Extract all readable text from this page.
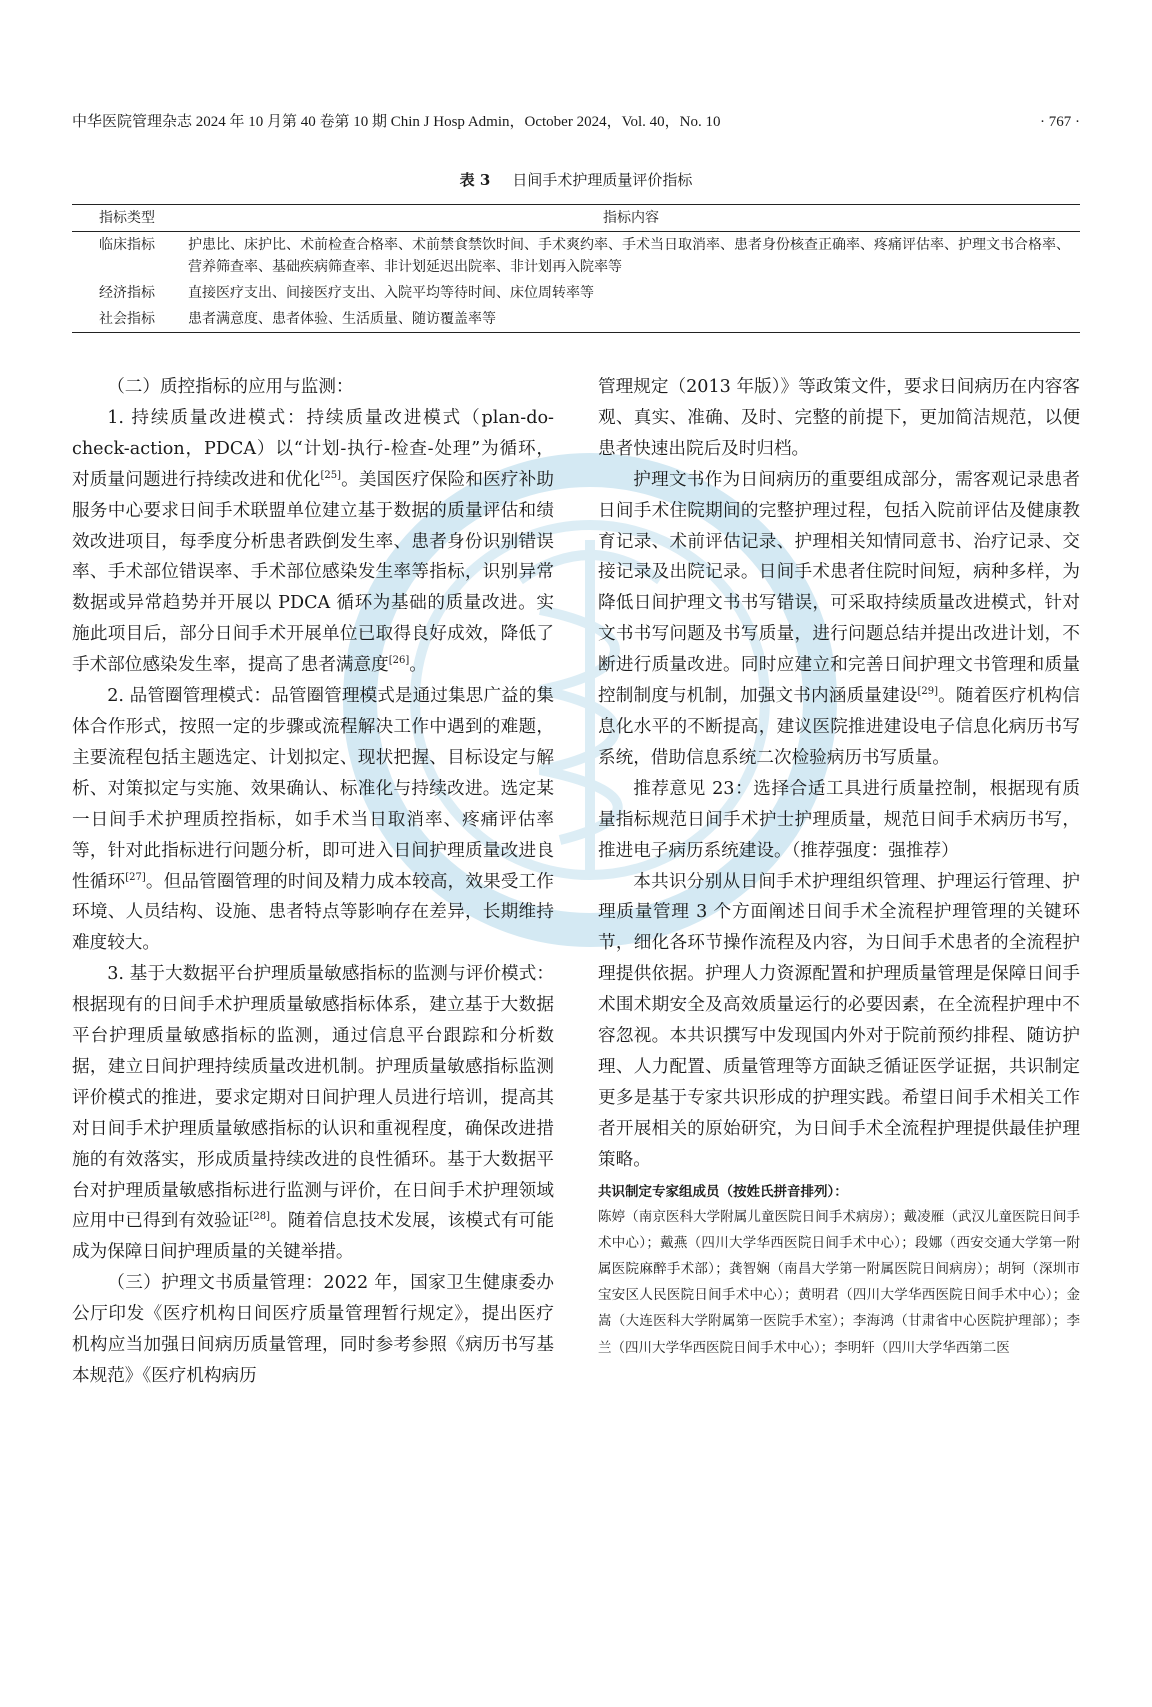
中华医院管理杂志 2024 年 10 月第 40 卷第 10 期 Chin J Hosp Admin，October 2024，Vol. 40，No. 10	· 767 ·
表 3 日间手术护理质量评价指标
指标类型	指标内容
临床指标	护患比、床护比、术前检查合格率、术前禁食禁饮时间、手术爽约率、手术当日取消率、患者身份核查正确率、疼痛评估率、护理文书合格率、营养筛查率、基础疾病筛查率、非计划延迟出院率、非计划再入院率等
经济指标	直接医疗支出、间接医疗支出、入院平均等待时间、床位周转率等
社会指标	患者满意度、患者体验、生活质量、随访覆盖率等

（二）质控指标的应用与监测：

1. 持续质量改进模式：持续质量改进模式（plan-do-check-action，PDCA）以“计划-执行-检查-处理”为循环，对质量问题进行持续改进和优化[25]。美国医疗保险和医疗补助服务中心要求日间手术联盟单位建立基于数据的质量评估和绩效改进项目，每季度分析患者跌倒发生率、患者身份识别错误率、手术部位错误率、手术部位感染发生率等指标，识别异常数据或异常趋势并开展以 PDCA 循环为基础的质量改进。实施此项目后，部分日间手术开展单位已取得良好成效，降低了手术部位感染发生率，提高了患者满意度[26]。

2. 品管圈管理模式：品管圈管理模式是通过集思广益的集体合作形式，按照一定的步骤或流程解决工作中遇到的难题，主要流程包括主题选定、计划拟定、现状把握、目标设定与解析、对策拟定与实施、效果确认、标准化与持续改进。选定某一日间手术护理质控指标，如手术当日取消率、疼痛评估率等，针对此指标进行问题分析，即可进入日间护理质量改进良性循环[27]。但品管圈管理的时间及精力成本较高，效果受工作环境、人员结构、设施、患者特点等影响存在差异，长期维持难度较大。

3. 基于大数据平台护理质量敏感指标的监测与评价模式：根据现有的日间手术护理质量敏感指标体系，建立基于大数据平台护理质量敏感指标的监测，通过信息平台跟踪和分析数据，建立日间护理持续质量改进机制。护理质量敏感指标监测评价模式的推进，要求定期对日间护理人员进行培训，提高其对日间手术护理质量敏感指标的认识和重视程度，确保改进措施的有效落实，形成质量持续改进的良性循环。基于大数据平台对护理质量敏感指标进行监测与评价，在日间手术护理领域应用中已得到有效验证[28]。随着信息技术发展，该模式有可能成为保障日间护理质量的关键举措。

（三）护理文书质量管理：2022 年，国家卫生健康委办公厅印发《医疗机构日间医疗质量管理暂行规定》，提出医疗机构应当加强日间病历质量管理，同时参考参照《病历书写基本规范》《医疗机构病历

管理规定（2013 年版）》等政策文件，要求日间病历在内容客观、真实、准确、及时、完整的前提下，更加简洁规范，以便患者快速出院后及时归档。

护理文书作为日间病历的重要组成部分，需客观记录患者日间手术住院期间的完整护理过程，包括入院前评估及健康教育记录、术前评估记录、护理相关知情同意书、治疗记录、交接记录及出院记录。日间手术患者住院时间短，病种多样，为降低日间护理文书书写错误，可采取持续质量改进模式，针对文书书写问题及书写质量，进行问题总结并提出改进计划，不断进行质量改进。同时应建立和完善日间护理文书管理和质量控制制度与机制，加强文书内涵质量建设[29]。随着医疗机构信息化水平的不断提高，建议医院推进建设电子信息化病历书写系统，借助信息系统二次检验病历书写质量。

推荐意见 23：选择合适工具进行质量控制，根据现有质量指标规范日间手术护士护理质量，规范日间手术病历书写，推进电子病历系统建设。（推荐强度：强推荐）

本共识分别从日间手术护理组织管理、护理运行管理、护理质量管理 3 个方面阐述日间手术全流程护理管理的关键环节，细化各环节操作流程及内容，为日间手术患者的全流程护理提供依据。护理人力资源配置和护理质量管理是保障日间手术围术期安全及高效质量运行的必要因素，在全流程护理中不容忽视。本共识撰写中发现国内外对于院前预约排程、随访护理、人力配置、质量管理等方面缺乏循证医学证据，共识制定更多是基于专家共识形成的护理实践。希望日间手术相关工作者开展相关的原始研究，为日间手术全流程护理提供最佳护理策略。

共识制定专家组成员（按姓氏拼音排列）：
陈婷（南京医科大学附属儿童医院日间手术病房）；戴凌雁（武汉儿童医院日间手术中心）；戴燕（四川大学华西医院日间手术中心）；段娜（西安交通大学第一附属医院麻醉手术部）；龚智娴（南昌大学第一附属医院日间病房）；胡钶（深圳市宝安区人民医院日间手术中心）；黄明君（四川大学华西医院日间手术中心）；金嵩（大连医科大学附属第一医院手术室）；李海鸿（甘肃省中心医院护理部）；李兰（四川大学华西医院日间手术中心）；李明轩（四川大学华西第二医
